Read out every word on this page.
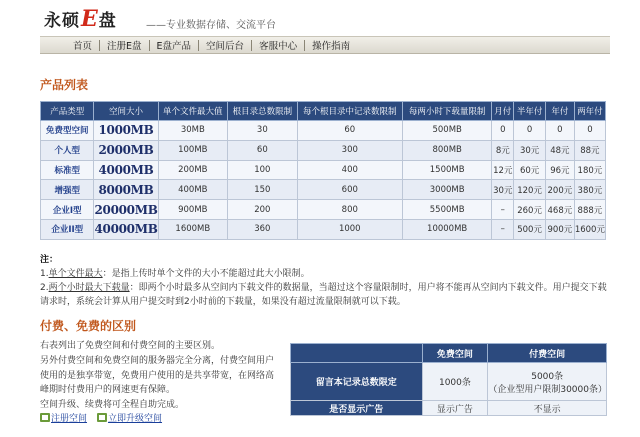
永硕 E 盘	——专业数据存储、交流平台
首页	注册E盘	E盘产品	空间后台	客服中心	操作指南
产品列表
产品类型	空间大小	单个文件最大值	根目录总数限制	每个根目录中记录数限制	每两小时下载量限制	月付	半年付	年付	两年付
免费型空间	1000MB	30MB	30	60	500MB	0	0	0	0
个人型	2000MB	100MB	60	300	800MB	8元	30元	48元	88元
标准型	4000MB	200MB	100	400	1500MB	12元	60元	96元	180元
增强型	8000MB	400MB	150	600	3000MB	30元	120元	200元	380元
企业I型	20000MB	900MB	200	800	5500MB	–	260元	468元	888元
企业II型	40000MB	1600MB	360	1000	10000MB	–	500元	900元	1600元
注：
1.单个文件最大：是指上传时单个文件的大小不能超过此大小限制。
2.两个小时最大下载量：即两个小时最多从空间内下载文件的数据量，当超过这个容量限制时，用户将不能再从空间内下载文件。用户提交下载请求时，系统会计算从用户提交时到2小时前的下载量，如果没有超过流量限制就可以下载。
付费、免费的区别
右表列出了免费空间和付费空间的主要区别。
另外付费空间和免费空间的服务器完全分离，付费空间用户
使用的是独享带宽，免费用户使用的是共享带宽，在网络高
峰期时付费用户的网速更有保障。
空间升级、续费将可全程自助完成。
注册空间 立即升级空间
	免费空间	付费空间
留言本记录总数限定	1000条	5000条
（企业型用户限制30000条）

是否显示广告	显示广告	不显示
